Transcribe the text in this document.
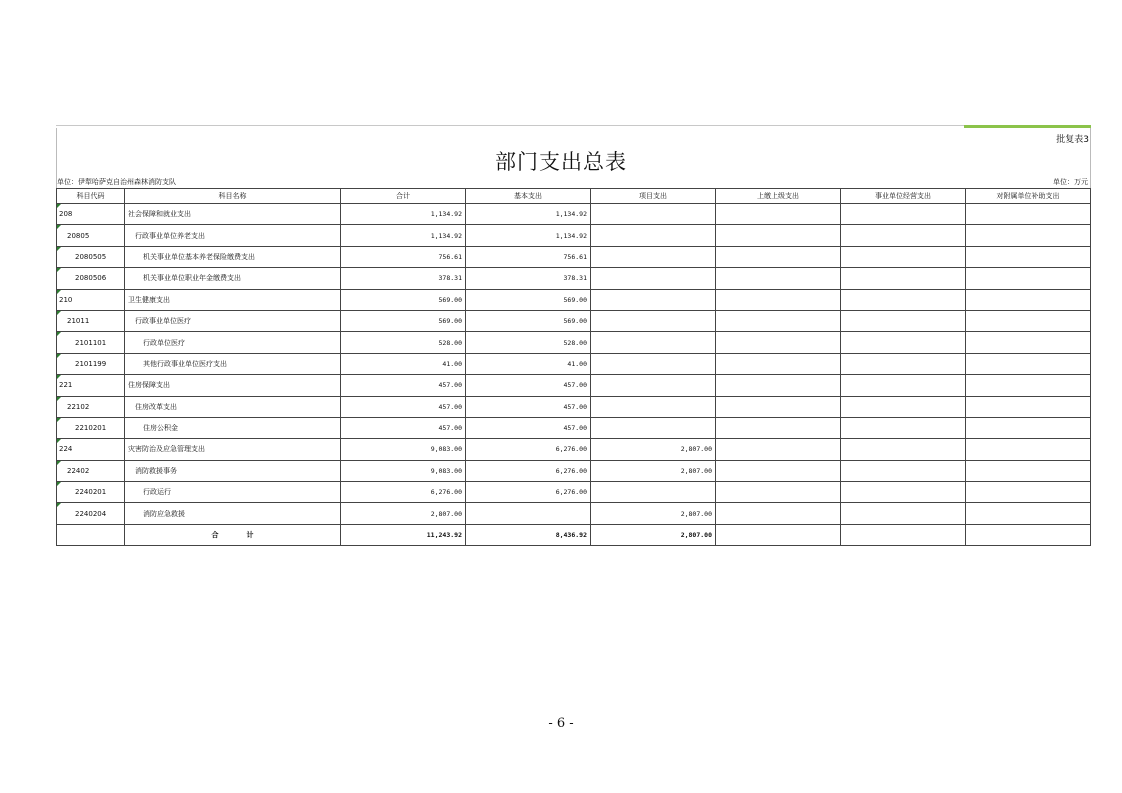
批复表3
部门支出总表
单位：伊犁哈萨克自治州森林消防支队	单位：万元
科目代码	科目名称	合计	基本支出	项目支出	上缴上级支出	事业单位经营支出	对附属单位补助支出
208	社会保障和就业支出	1,134.92	1,134.92				
20805	行政事业单位养老支出	1,134.92	1,134.92				
2080505	机关事业单位基本养老保险缴费支出	756.61	756.61				
2080506	机关事业单位职业年金缴费支出	378.31	378.31				
210	卫生健康支出	569.00	569.00				
21011	行政事业单位医疗	569.00	569.00				
2101101	行政单位医疗	528.00	528.00				
2101199	其他行政事业单位医疗支出	41.00	41.00				
221	住房保障支出	457.00	457.00				
22102	住房改革支出	457.00	457.00				
2210201	住房公积金	457.00	457.00				
224	灾害防治及应急管理支出	9,083.00	6,276.00	2,807.00			
22402	消防救援事务	9,083.00	6,276.00	2,807.00			
2240201	行政运行	6,276.00	6,276.00				
2240204	消防应急救援	2,807.00		2,807.00			
	合　　　　计	11,243.92	8,436.92	2,807.00			
- 6 -
